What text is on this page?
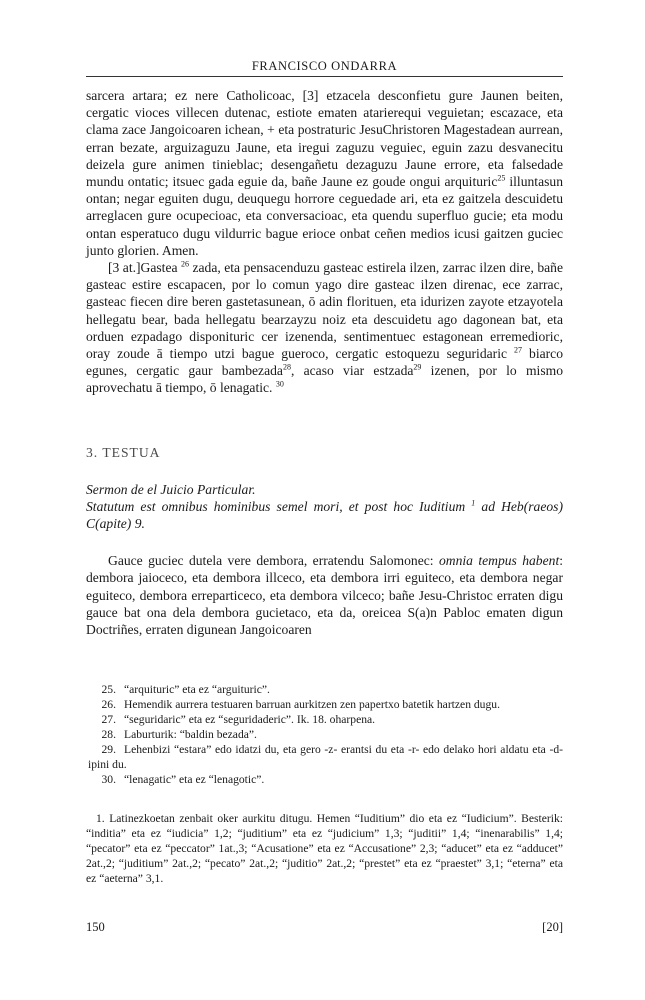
FRANCISCO ONDARRA

sarcera artara; ez nere Catholicoac, [3] etzacela desconfietu gure Jaunen beiten, cergatic vioces villecen dutenac, estiote ematen atarierequi veguietan; escazace, eta clama zace Jangoicoaren ichean, + eta postraturic JesuChristoren Magestadean aurrean, erran bezate, arguizaguzu Jaune, eta iregui zaguzu veguiec, eguin zazu desvanecitu deizela gure animen tinieblac; desengañetu dezaguzu Jaune errore, eta falsedade mundu ontatic; itsuec gada eguie da, bañe Jaune ez goude ongui arquituric$^{25}$ illuntasun ontan; negar eguiten dugu, deuquegu horrore ceguedade ari, eta ez gaitzela descuidetu arreglacen gure ocupecioac, eta conversacioac, eta quendu superfluo gucie; eta modu ontan esperatuco dugu vildurric bague erioce onbat ceñen medios icusi gaitzen guciec junto glorien. Amen.

[3 at.]Gastea $^{26}$ zada, eta pensacenduzu gasteac estirela ilzen, zarrac ilzen dire, bañe gasteac estire escapacen, por lo comun yago dire gasteac ilzen direnac, ece zarrac, gasteac fiecen dire beren gastetasunean, ō adin florituen, eta idurizen zayote etzayotela hellegatu bear, bada hellegatu bearzayzu noiz eta descuidetu ago dagonean bat, eta orduen ezpadago disponituric cer izenenda, sentimentuec estagonean erremedioric, oray zoude ā tiempo utzi bague gueroco, cergatic estoquezu seguridaric $^{27}$ biarco egunes, cergatic gaur bambezada$^{28}$, acaso viar estzada$^{29}$ izenen, por lo mismo aprovechatu ā tiempo, ō lenagatic. $^{30}$

3. TESTUA
Sermon de el Juicio Particular.
Statutum est omnibus hominibus semel mori, et post hoc Iuditium $^1$ ad Heb(raeos) C(apite) 9.

Gauce guciec dutela vere dembora, erratendu Salomonec: omnia tempus habent: dembora jaioceco, eta dembora illceco, eta dembora irri eguiteco, eta dembora negar eguiteco, dembora erreparticeco, eta dembora vilceco; bañe Jesu-Christoc erraten digu gauce bat ona dela dembora gucietaco, eta da, oreicea S(a)n Pabloc ematen digun Doctriñes, erraten digunean Jangoicoaren

25. “arquituric” eta ez “arguituric”.
26. Hemendik aurrera testuaren barruan aurkitzen zen papertxo batetik hartzen dugu.
27. “seguridaric” eta ez “seguridaderic”. Ik. 18. oharpena.
28. Laburturik: “baldin bezada”.
29. Lehenbizi “estara” edo idatzi du, eta gero -z- erantsi du eta -r- edo delako hori aldatu eta -d- ipini du.
30. “lenagatic” eta ez “lenagotic”.
1. Latinezkoetan zenbait oker aurkitu ditugu. Hemen “Iuditium” dio eta ez “Iudicium”. Besterik: “inditia” eta ez “iudicia” 1,2; “juditium” eta ez “judicium” 1,3; “juditii” 1,4; “inenarabilis” 1,4; “pecator” eta ez “peccator” 1at.,3; “Acusatione” eta ez “Accusatione” 2,3; “aducet” eta ez “adducet” 2at.,2; “juditium” 2at.,2; “pecato” 2at.,2; “juditio” 2at.,2; “prestet” eta ez “praestet” 3,1; “eterna” eta ez “aeterna” 3,1.
150	[20]
